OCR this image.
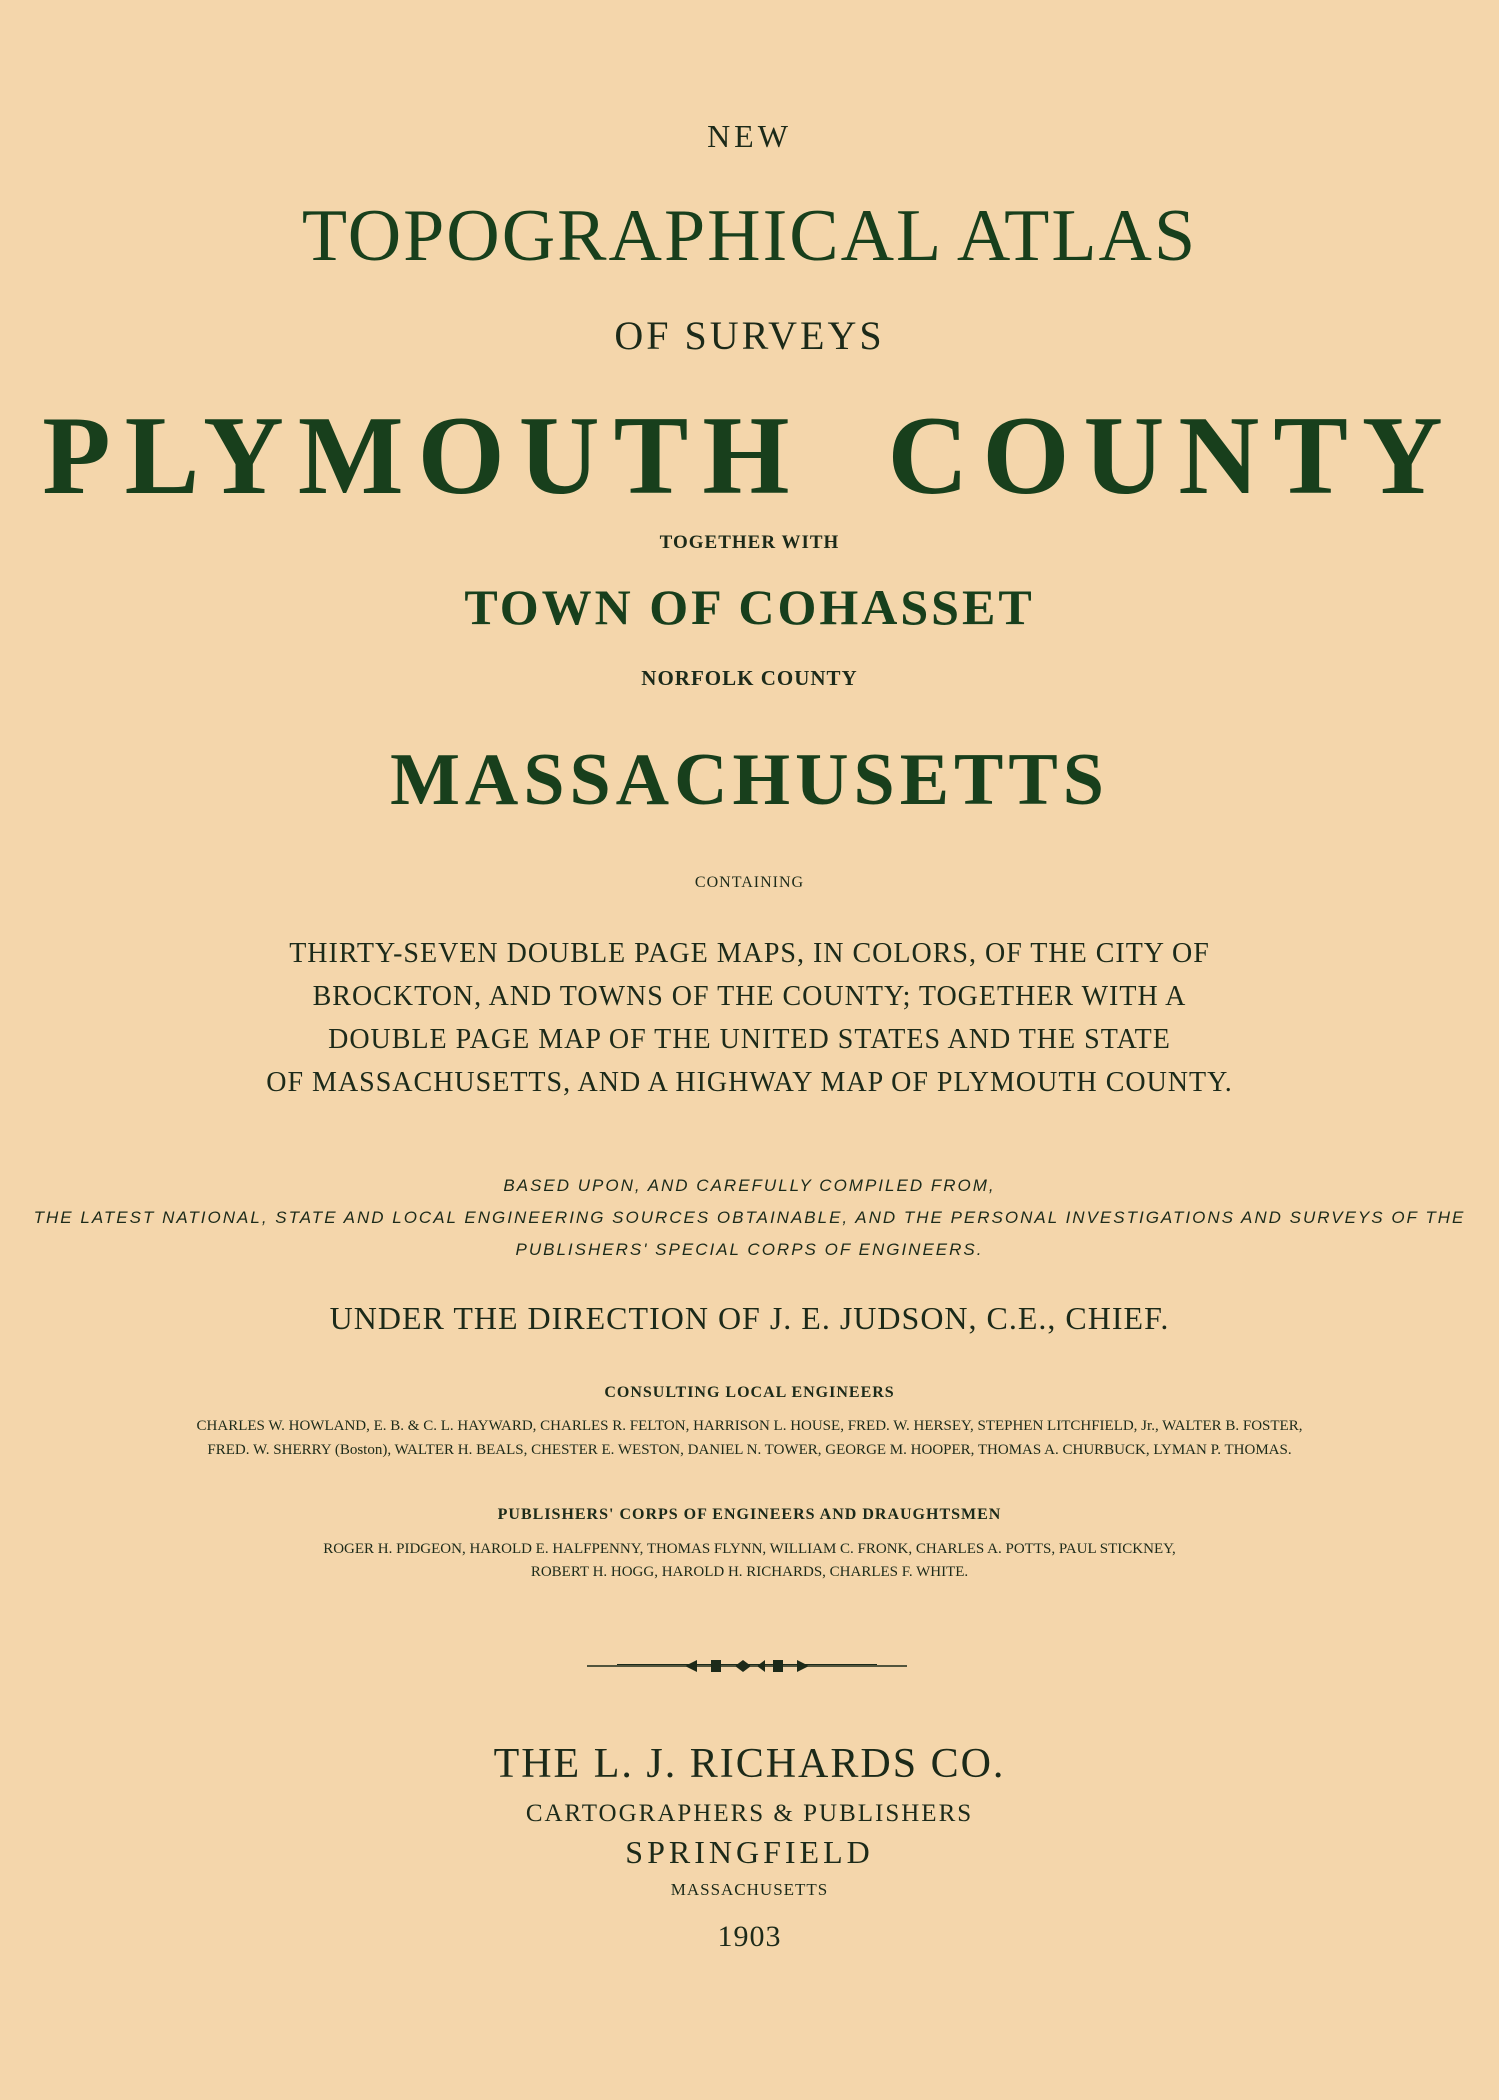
NEW

TOPOGRAPHICAL ATLAS

OF SURVEYS

PLYMOUTH  COUNTY

TOGETHER WITH

TOWN OF COHASSET

NORFOLK COUNTY

MASSACHUSETTS

CONTAINING

THIRTY-SEVEN DOUBLE PAGE MAPS, IN COLORS, OF THE CITY OF

BROCKTON, AND TOWNS OF THE COUNTY; TOGETHER WITH A

DOUBLE PAGE MAP OF THE UNITED STATES AND THE STATE

OF MASSACHUSETTS, AND A HIGHWAY MAP OF PLYMOUTH COUNTY.

BASED UPON, AND CAREFULLY COMPILED FROM,

THE LATEST NATIONAL, STATE AND LOCAL ENGINEERING SOURCES OBTAINABLE, AND THE PERSONAL INVESTIGATIONS AND SURVEYS OF THE

PUBLISHERS' SPECIAL CORPS OF ENGINEERS.

UNDER THE DIRECTION OF J. E. JUDSON, C.E., CHIEF.

CONSULTING LOCAL ENGINEERS

CHARLES W. HOWLAND, E. B. & C. L. HAYWARD, CHARLES R. FELTON, HARRISON L. HOUSE, FRED. W. HERSEY, STEPHEN LITCHFIELD, Jr., WALTER B. FOSTER,

FRED. W. SHERRY (Boston), WALTER H. BEALS, CHESTER E. WESTON, DANIEL N. TOWER, GEORGE M. HOOPER, THOMAS A. CHURBUCK, LYMAN P. THOMAS.

PUBLISHERS' CORPS OF ENGINEERS AND DRAUGHTSMEN

ROGER H. PIDGEON, HAROLD E. HALFPENNY, THOMAS FLYNN, WILLIAM C. FRONK, CHARLES A. POTTS, PAUL STICKNEY,

ROBERT H. HOGG, HAROLD H. RICHARDS, CHARLES F. WHITE.

THE L. J. RICHARDS CO.

CARTOGRAPHERS & PUBLISHERS

SPRINGFIELD

MASSACHUSETTS

1903
